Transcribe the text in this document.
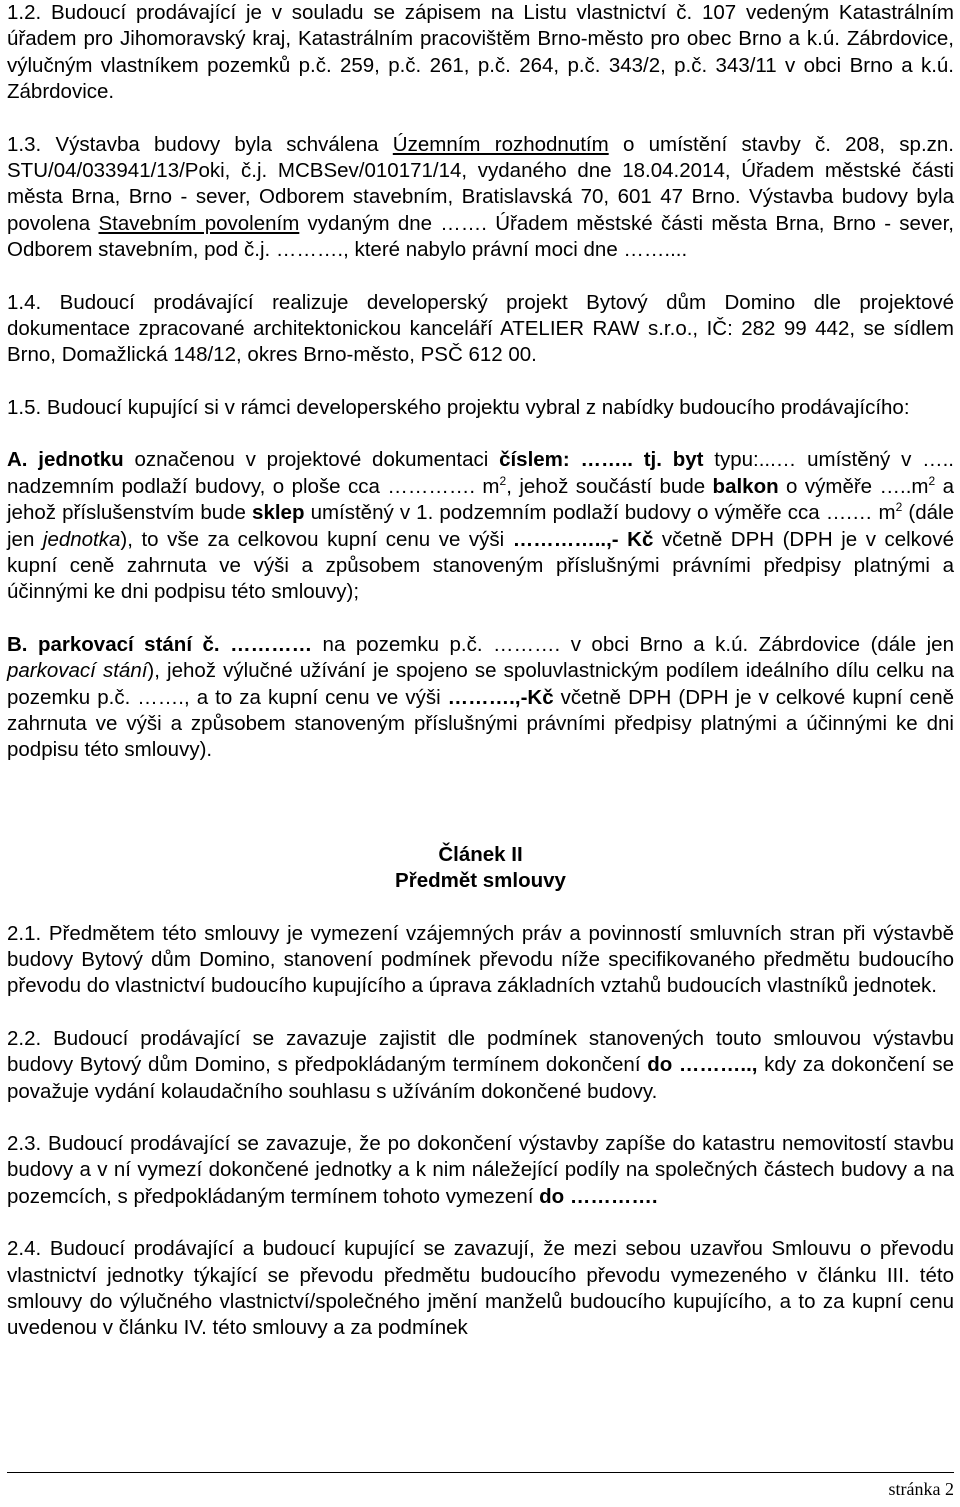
1.2. Budoucí prodávající je v souladu se zápisem na Listu vlastnictví č. 107 vedeným Katastrálním úřadem pro Jihomoravský kraj, Katastrálním pracovištěm Brno-město pro obec Brno a k.ú. Zábrdovice, výlučným vlastníkem pozemků p.č. 259, p.č. 261, p.č. 264, p.č. 343/2, p.č. 343/11 v obci Brno a k.ú. Zábrdovice.

1.3. Výstavba budovy byla schválena Územním rozhodnutím o umístění stavby č. 208, sp.zn. STU/04/033941/13/Poki, č.j. MCBSev/010171/14, vydaného dne 18.04.2014, Úřadem městské části města Brna, Brno - sever, Odborem stavebním, Bratislavská 70, 601 47 Brno. Výstavba budovy byla povolena Stavebním povolením vydaným dne ……. Úřadem městské části města Brna, Brno - sever, Odborem stavebním, pod č.j. ………., které nabylo právní moci dne ……....

1.4. Budoucí prodávající realizuje developerský projekt Bytový dům Domino dle projektové dokumentace zpracované architektonickou kanceláří ATELIER RAW s.r.o., IČ: 282 99 442, se sídlem Brno, Domažlická 148/12, okres Brno-město, PSČ 612 00.

1.5. Budoucí kupující si v rámci developerského projektu vybral z nabídky budoucího prodávajícího:

A. jednotku označenou v projektové dokumentaci číslem: …….. tj. byt typu:...… umístěný v ….. nadzemním podlaží budovy, o ploše cca …………. $m^2$, jehož součástí bude balkon o výměře $\dots..m^2$ a jehož příslušenstvím bude sklep umístěný v 1. podzemním podlaží budovy o výměře cca ….… $m^2$ (dále jen jednotka), to vše za celkovou kupní cenu ve výši …………..,- Kč včetně DPH (DPH je v celkové kupní ceně zahrnuta ve výši a způsobem stanoveným příslušnými právními předpisy platnými a účinnými ke dni podpisu této smlouvy);

B. parkovací stání č. ………… na pozemku p.č. ………. v obci Brno a k.ú. Zábrdovice (dále jen parkovací stání), jehož výlučné užívání je spojeno se spoluvlastnickým podílem ideálního dílu celku na pozemku p.č. ……., a to za kupní cenu ve výši ……….,-Kč včetně DPH (DPH je v celkové kupní ceně zahrnuta ve výši a způsobem stanoveným příslušnými právními předpisy platnými a účinnými ke dni podpisu této smlouvy).

Článek II

Předmět smlouvy

2.1. Předmětem této smlouvy je vymezení vzájemných práv a povinností smluvních stran při výstavbě budovy Bytový dům Domino, stanovení podmínek převodu níže specifikovaného předmětu budoucího převodu do vlastnictví budoucího kupujícího a úprava základních vztahů budoucích vlastníků jednotek.

2.2. Budoucí prodávající se zavazuje zajistit dle podmínek stanovených touto smlouvou výstavbu budovy Bytový dům Domino, s předpokládaným termínem dokončení do ……….., kdy za dokončení se považuje vydání kolaudačního souhlasu s užíváním dokončené budovy.

2.3. Budoucí prodávající se zavazuje, že po dokončení výstavby zapíše do katastru nemovitostí stavbu budovy a v ní vymezí dokončené jednotky a k nim náležející podíly na společných částech budovy a na pozemcích, s předpokládaným termínem tohoto vymezení do ………….

2.4. Budoucí prodávající a budoucí kupující se zavazují, že mezi sebou uzavřou Smlouvu o převodu vlastnictví jednotky týkající se převodu předmětu budoucího převodu vymezeného v článku III. této smlouvy do výlučného vlastnictví/společného jmění manželů budoucího kupujícího, a to za kupní cenu uvedenou v článku IV. této smlouvy a za podmínek

stránka 2
